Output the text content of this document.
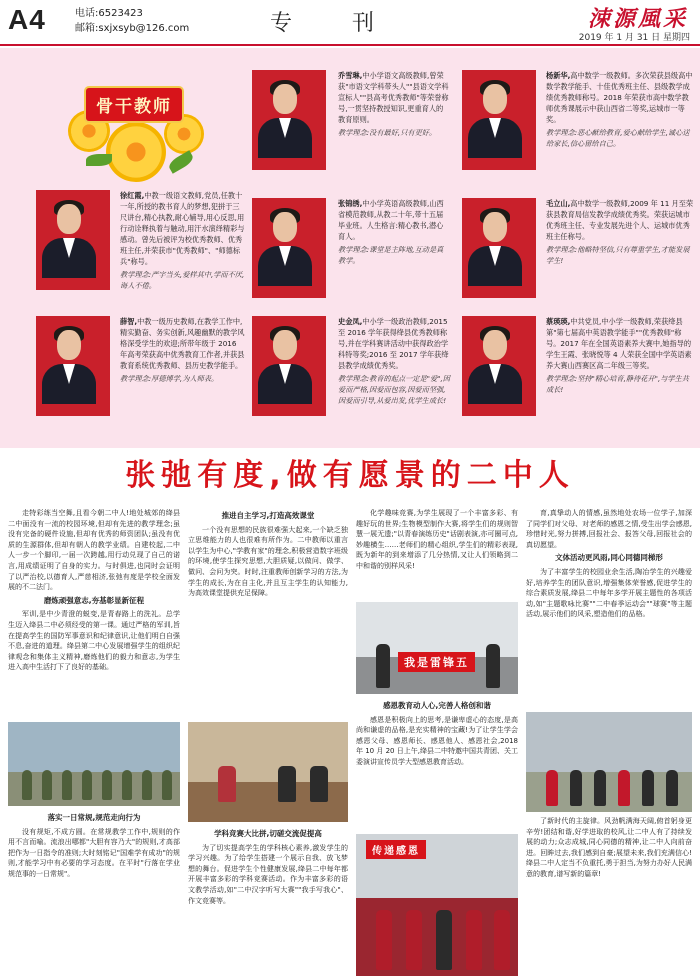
A4	电话:6523423
邮箱:sxjxsyb@126.com	专刊	涑源風采
2019 年 1 月 31 日 星期四
骨干教师
乔雪琳,中小学语文高级教师,曾荣获"市语文学科带头人""县语文学科宣标人""县高考优秀教师"等荣誉称号,一贯坚持教授知识,更重育人的教育原则。
教学理念:没有最好,只有更好。
杨新华,高中数学一级教师。多次荣获县级高中数学教学能手、十佳优秀班主任、县级教学成绩优秀教师称号。2018 年荣获市高中数学教师优秀课展示中获山西省二等奖,运城市一等奖。
教学理念:恶心献给教育,爱心献给学生,诚心送给家长,信心留给自己。
徐红霞,中教一级语文教师,党员,任教十一年,所授的教书育人的梦想,犯拼于三尺讲台,精心执教,耐心辅导,用心反思,用行动诠释执着与触动,用汗水演绎精彩与感动。曾先后被评为校优秀教师、优秀班主任,并荣获市"优秀教师"、"师德标兵"称号。
教学理念:严字当头,爱样其中,学而不厌,诲人不倦。
张锦绣,中小学英语高级教师,山西省模范教师,从教二十年,带十五届毕业班。人生格言:精心教书,潜心育人。
教学理念:课堂是主阵地,互动是真教学。
毛立山,高中数学一级教师,2009 年 11 月至荣获县教育局信发教学成绩优秀奖。荣获运城市优秀班主任、专业发展先进个人、运城市优秀班主任称号。
教学理念:他略特坚信,只有尊重学生,才能发展学生!
薛智,中教一级历史教师,在教学工作中,精实勤奋、务实创新,风趣幽默的教学风格深受学生的欢迎;所带年级于 2016 年高考荣获高中优秀教育工作者,并获县教育系统优秀教师、县历史教学能手。
教学理念:厚德博学,为人师表。
史金凤,中小学一级政治教师,2015 至 2016 学年获得绛县优秀教师称号,并在学科赛讲活动中获得政治学科特等奖;2016 至 2017 学年获绛县教学成绩优秀奖。
教学理念:教育的起点一定是"爱",因爱而严格,因爱而包容,因爱而坚强,因爱而引导,从爱出发,优学生成长!
蔡瑛瑛,中共党员,中小学一级教师,荣获绛县第"第七届高中英语教学能手""优秀教师"称号。2017 年在全国英语素养大赛中,她指导的学生王霞、张晓悦等 4 人荣获全国中学英语素养大赛山西赛区高二年级三等奖。
教学理念:坚持"精心培育,静待花开",与学生共成长!
张弛有度,做有愿景的二中人

走特彩练当空舞,且看今朝二中人!地处城郊的绛县二中面没有一流的校园环境,但却有先进的教学理念;虽没有完备的硬件设施,但却有优秀的师资团队;虽没有优质的生源群体,但却有朝人的教学业绩。自建校起,二中人一步一个脚印,一届一次跨越,用行动兑现了自己的诺言,用成绩证明了自身的实力。与时俱进,也同时会证明了以严治校,以德育人,严慈相济,张弛有度是学校全面发展的不二法门。

磨炼顽强意志,夯基彰显新征程

军训,是中少青澄的蜕变,是青春路上的洗礼。总学生迈入绛县二中必须经受的第一课。通过严格的军训,旨在提高学生的国防军事意识和纪律意识,让他们明白自强不息,奋进的道理。绛县第二中心发展增强学生的组织纪律观念和集体主义精神,磨炼他们的毅力和意志,为学生进入高中生活打下了良好的基础。

落实一日常规,规范走向行为

没有规矩,不成方圆。在常规教学工作中,规则的作用不言而喻。流浪出哪都"大胆有容乃大"的规则,才高部把作为一日指令的准则;大时刻铭记"国难学有成功"的规则,才能学习中有必要的学习态度。在平时"行落在学业规范事的一日常规"。

推进自主学习,打造高效课堂

一个没有思想的民族很难强大起来,一个缺乏独立思维能力的人也很难有所作为。二中教师以重言以学生为中心,"学教有家"的理念,积极营造数字班级的环境,使学生探究思想,大胆质疑,以做问、做学、做问、会问为突。时时,注重教师创新学习的方法,为学生的成长,为在自主化,并且互主学生的认知能力,为高效课堂提供充足保障。

学科竞赛大比拼,切磋交流促提高

为了切实提高学生的学科核心素养,激发学生的学习兴趣。为了给学生搭建一个展示自我、放飞梦想的舞台。促进学生个性健康发展,绛县二中每年都开展丰富多彩的学科竞赛活动。作为丰富多彩的语文教学活动,如"二中汉字听写大赛""我手写我心"、作文竞赛等。

化学趣味竞赛,为学生展现了一个丰富多彩、有趣好玩的世界;生物模型制作大赛,将学生们的规则智慧一展无遗;"以青春演练历史"话剧表演,亦可圈可点,妙趣横生……老师们的精心组织,学生们的精彩表现,既为新年的到来增添了几分热情,又让人们领略到二中和谐的别样风采!

我是雷锋五

感恩教育动人心,完善人格创和谐

感恩是积极向上的思考,是谦卑虚心的态度,是高尚和谦虚的品格,是充实精神的宝藏!为了让学生学会感恩父母、感恩师长、感恩他人、感恩社会,2018 年 10 月 20 日上午,绛县二中特邀中国共青团、关工委演讲宣传员学大型感恩教育活动。

传递感恩

育,真挚动人的情感,虽然地处农场一位学子,加深了同学们对父母、对老师的感恩之情,受生出学会感恩,珍惜时光,努力拼搏,回报社会、报答父母,回报社会的真切愿望。

文体活动更风雨,同心同德同梯形

为了丰富学生的校园业余生活,陶冶学生的兴趣爱好,培养学生的团队意识,增强集体荣誉感,促进学生的综合素质发展,绛县二中每年多学开展主题性的各项活动,如"主题歌咏比赛""二中春季运动会""球赛"等主题活动,展示他们的风采,塑造他们的品格。

了新时代的主旋律。风劲帆满海天阔,俯首躬身更辛劳!团结和谐,好学进取的校风,让二中人有了持续发展的动力;众志成城,同心同德的精神,让二中人向前奋进。回眸过去,我们感到自豪;展望未来,我们充满信心!绛县二中人定当不负重托,勇于担当,为努力办好人民满意的教育,谱写新的篇章!
